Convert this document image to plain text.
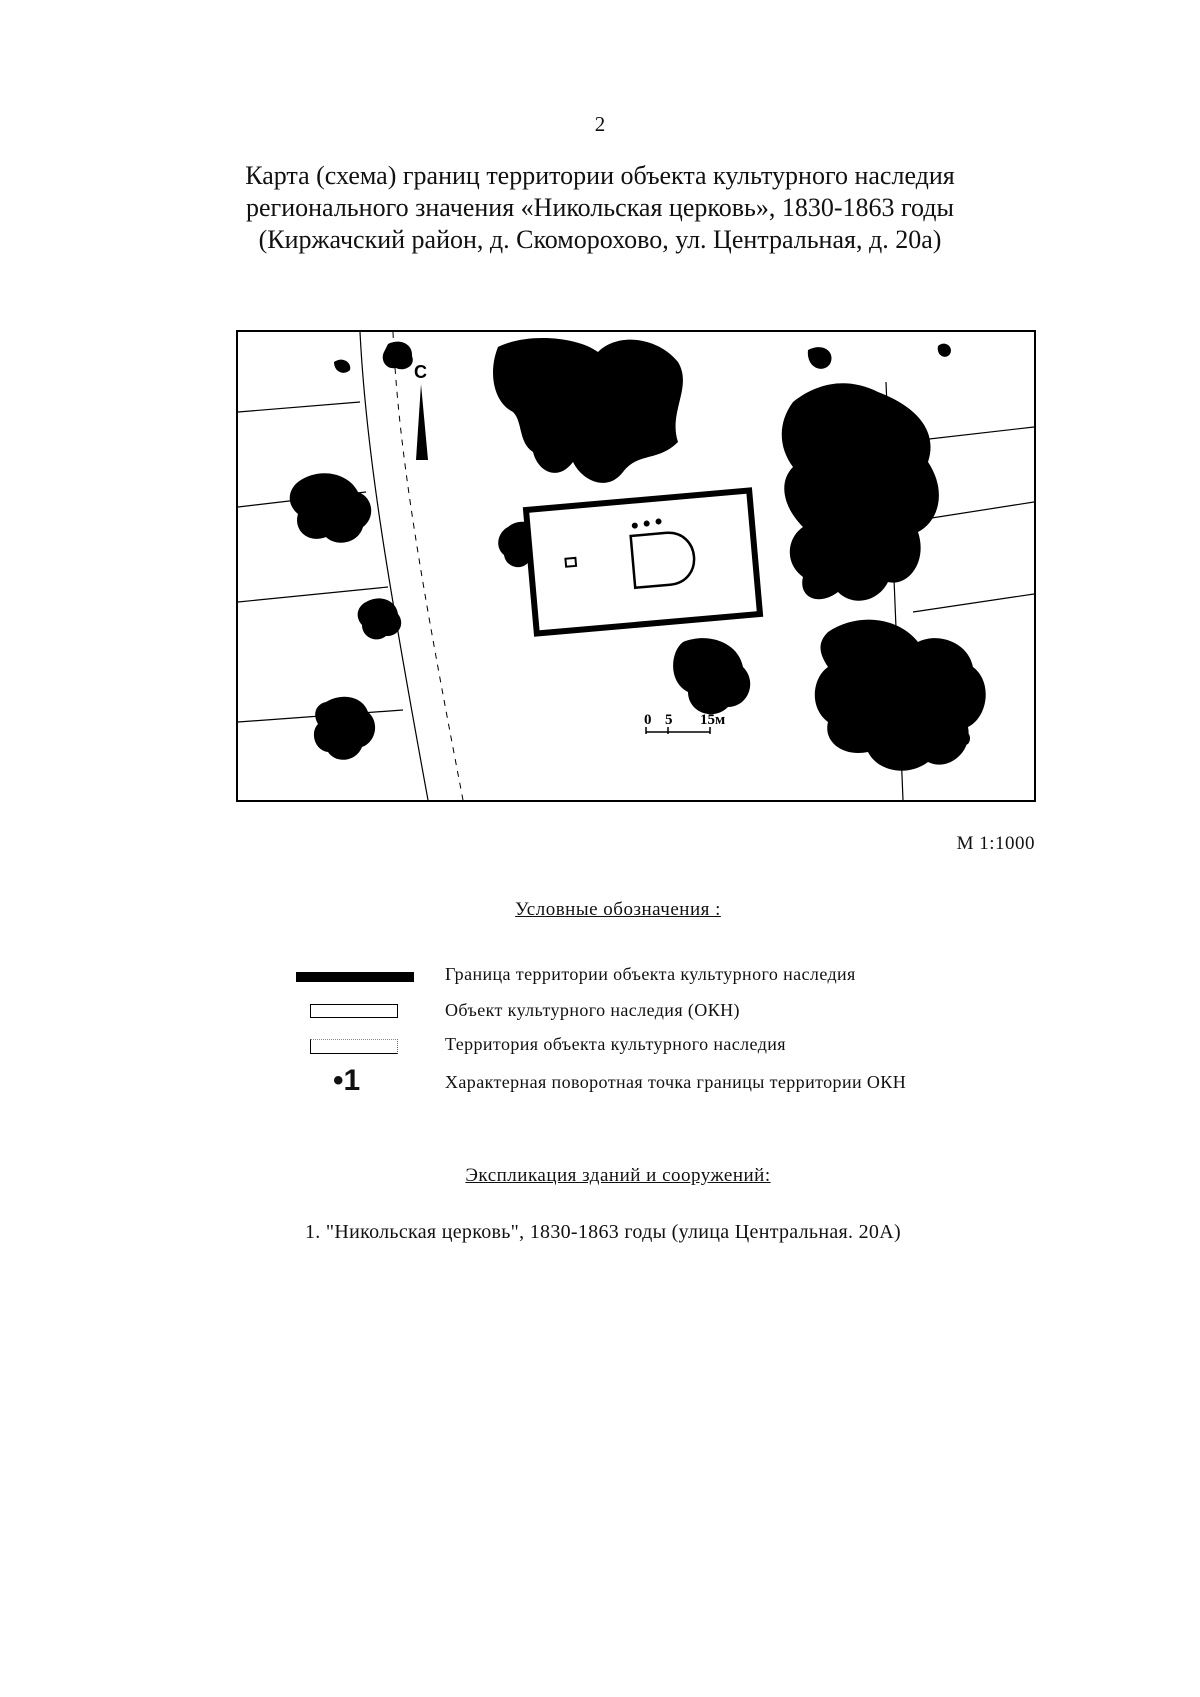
2
Карта (схема) границ территории объекта культурного наследия
регионального значения «Никольская церковь», 1830-1863 годы
(Киржачский район, д. Скоморохово, ул. Центральная, д. 20а)
С
0 5 15м
М 1:1000
Условные обозначения :
Граница территории объекта культурного наследия
Объект культурного наследия (ОКН)
Территория объекта культурного наследия
•1	Характерная поворотная точка границы территории ОКН
Экспликация зданий и сооружений:
1. "Никольская церковь", 1830-1863 годы (улица Центральная. 20А)
